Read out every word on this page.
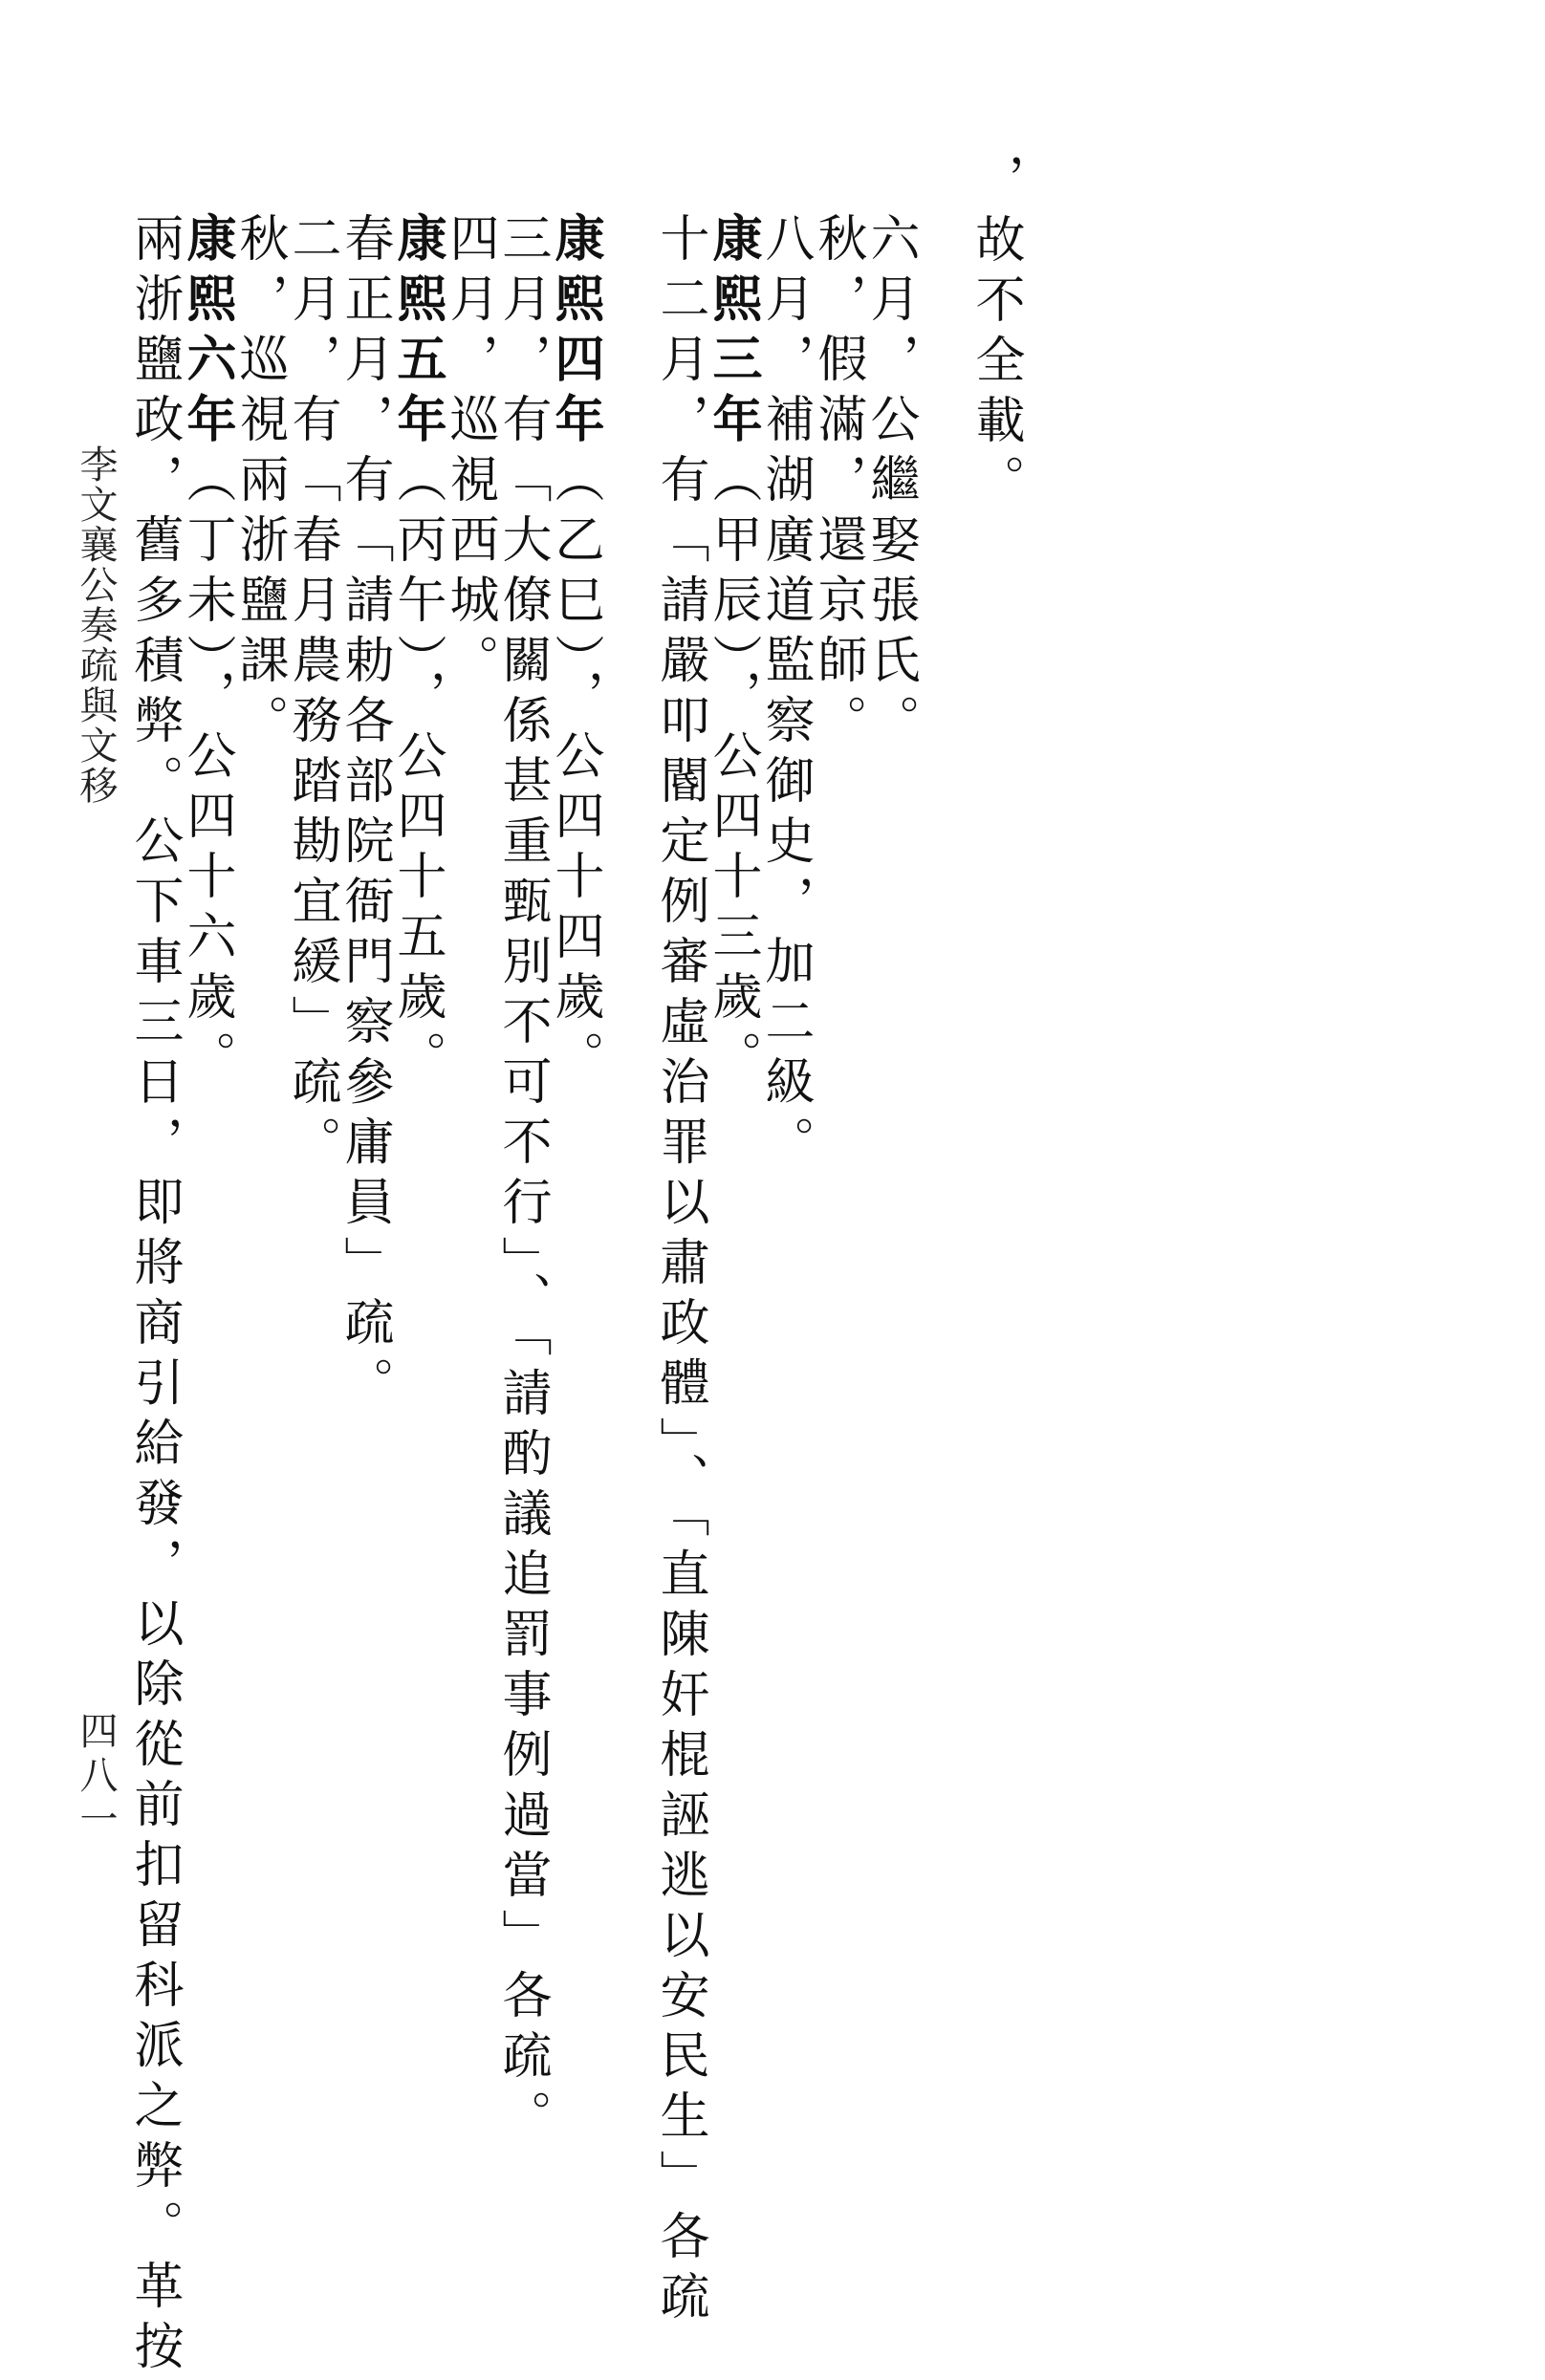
，故不全載。
六月，公繼娶張氏。
秋，假滿，還京師。
八月，補湖廣道監察御史，加二級。
康熙三年（甲辰），公四十三歲。
十二月，有「請嚴叩閽定例審虛治罪以肅政體」、「直陳奸棍誣逃以安民生」各疏
康熙四年（乙巳），公四十四歲。
三月，有「大僚關係甚重甄別不可不行」、「請酌議追罰事例過當」各疏。
四月，巡視西城。
康熙五年（丙午），公四十五歲。
春正月，有「請勅各部院衙門察參庸員」疏。
二月，有「春月農務踏勘宜緩」疏。
秋，巡視兩浙鹽課。
康熙六年（丁未），公四十六歲。
兩浙鹽政，舊多積弊。公下車三日，即將商引給發，以除從前扣留科派之弊。革按
李文襄公奏疏與文移
四八一
